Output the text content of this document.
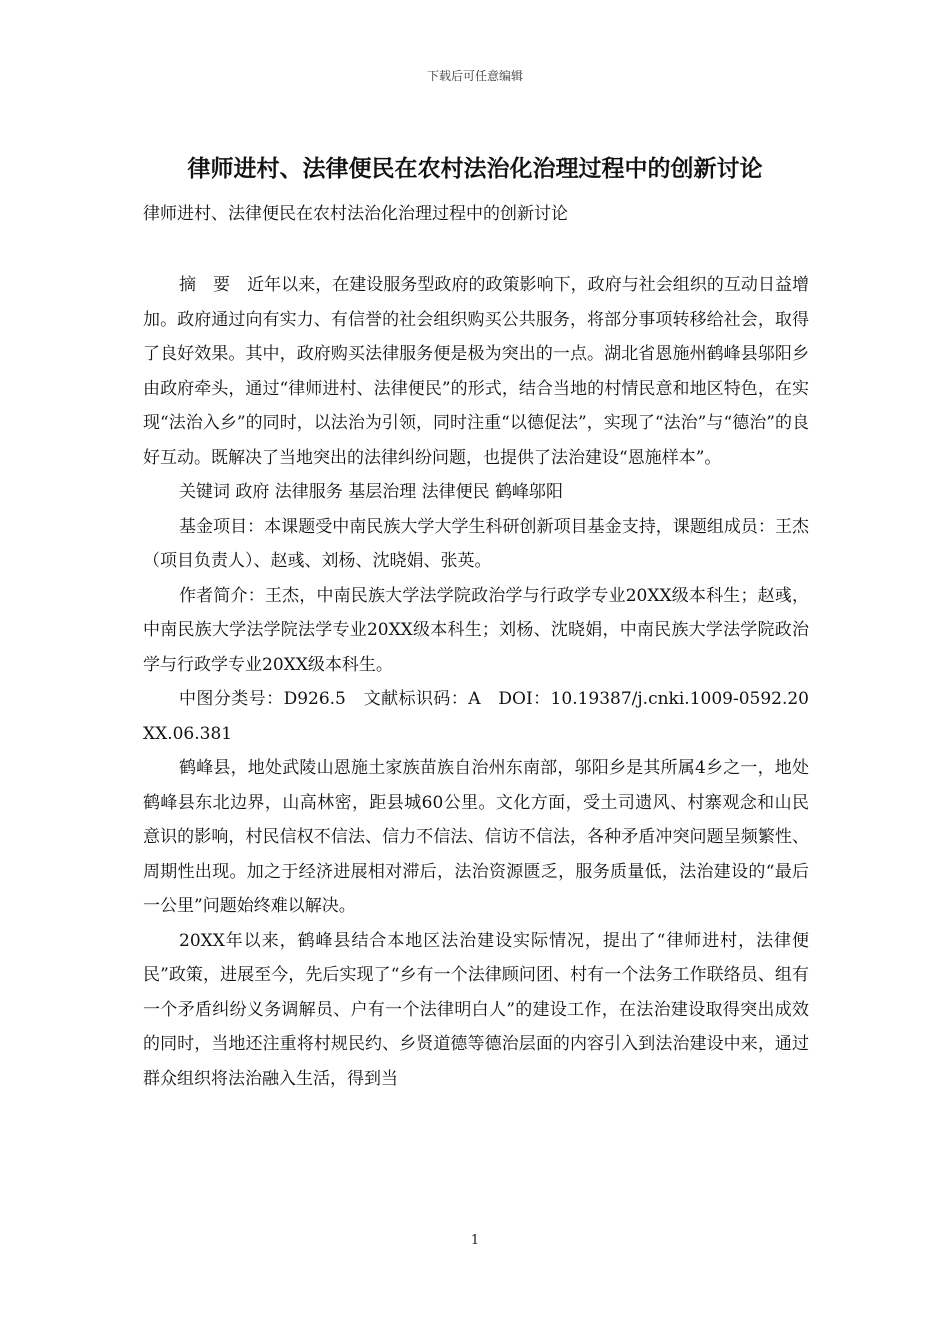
下载后可任意编辑
律师进村、法律便民在农村法治化治理过程中的创新讨论
律师进村、法律便民在农村法治化治理过程中的创新讨论

摘　要　近年以来，在建设服务型政府的政策影响下，政府与社会组织的互动日益增加。政府通过向有实力、有信誉的社会组织购买公共服务，将部分事项转移给社会，取得了良好效果。其中，政府购买法律服务便是极为突出的一点。湖北省恩施州鹤峰县邬阳乡由政府牵头，通过“律师进村、法律便民”的形式，结合当地的村情民意和地区特色，在实现“法治入乡”的同时，以法治为引领，同时注重“以德促法”，实现了“法治”与“德治”的良好互动。既解决了当地突出的法律纠纷问题，也提供了法治建设“恩施样本”。

关键词 政府 法律服务 基层治理 法律便民 鹤峰邬阳

基金项目：本课题受中南民族大学大学生科研创新项目基金支持，课题组成员：王杰（项目负责人）、赵彧、刘杨、沈晓娟、张英。

作者简介：王杰，中南民族大学法学院政治学与行政学专业20XX级本科生；赵彧，中南民族大学法学院法学专业20XX级本科生；刘杨、沈晓娟，中南民族大学法学院政治学与行政学专业20XX级本科生。

中图分类号：D926.5　文献标识码：A　DOI：10.19387/j.cnki.1009-0592.20XX.06.381

鹤峰县，地处武陵山恩施土家族苗族自治州东南部，邬阳乡是其所属4乡之一，地处鹤峰县东北边界，山高林密，距县城60公里。文化方面，受土司遗风、村寨观念和山民意识的影响，村民信权不信法、信力不信法、信访不信法，各种矛盾冲突问题呈频繁性、周期性出现。加之于经济进展相对滞后，法治资源匮乏，服务质量低，法治建设的“最后一公里”问题始终难以解决。

20XX年以来，鹤峰县结合本地区法治建设实际情况，提出了“律师进村，法律便民”政策，进展至今，先后实现了“乡有一个法律顾问团、村有一个法务工作联络员、组有一个矛盾纠纷义务调解员、户有一个法律明白人”的建设工作，在法治建设取得突出成效的同时，当地还注重将村规民约、乡贤道德等德治层面的内容引入到法治建设中来，通过群众组织将法治融入生活，得到当

1
